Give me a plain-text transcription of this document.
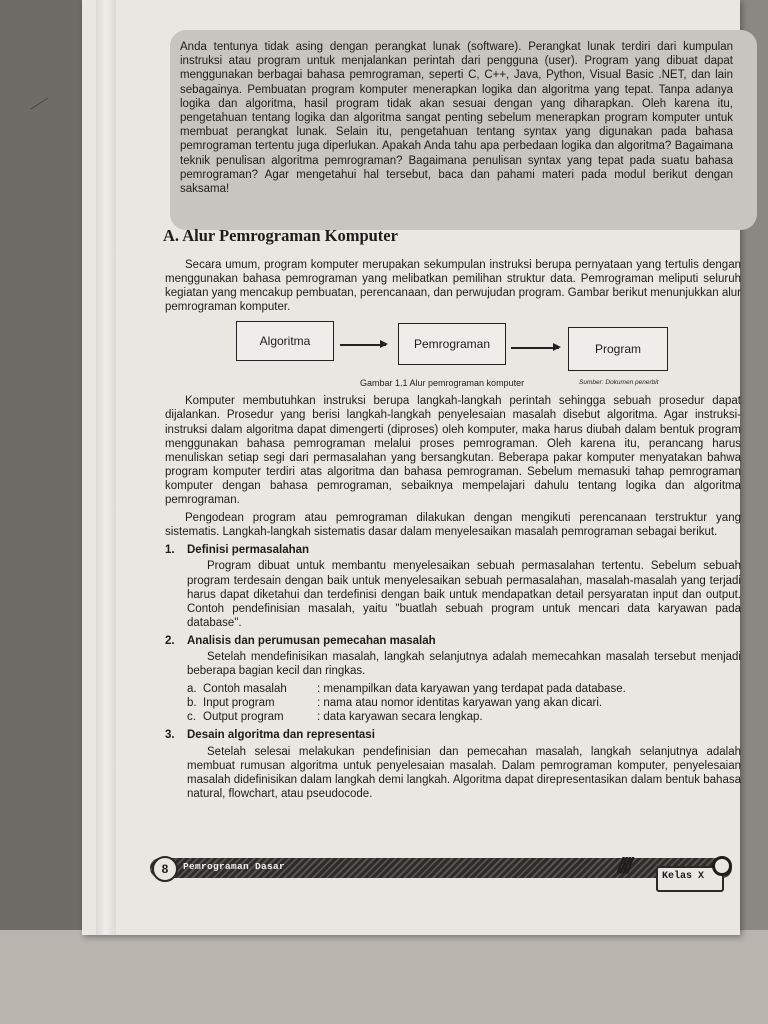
Anda tentunya tidak asing dengan perangkat lunak (software). Perangkat lunak terdiri dari kumpulan instruksi atau program untuk menjalankan perintah dari pengguna (user). Program yang dibuat dapat menggunakan berbagai bahasa pemrograman, seperti C, C++, Java, Python, Visual Basic .NET, dan lain sebagainya. Pembuatan program komputer menerapkan logika dan algoritma yang tepat. Tanpa adanya logika dan algoritma, hasil program tidak akan sesuai dengan yang diharapkan. Oleh karena itu, pengetahuan tentang logika dan algoritma sangat penting sebelum menerapkan program komputer untuk membuat perangkat lunak. Selain itu, pengetahuan tentang syntax yang digunakan pada bahasa pemrograman tertentu juga diperlukan. Apakah Anda tahu apa perbedaan logika dan algoritma? Bagaimana teknik penulisan algoritma pemrograman? Bagaimana penulisan syntax yang tepat pada suatu bahasa pemrograman? Agar mengetahui hal tersebut, baca dan pahami materi pada modul berikut dengan saksama!

A. Alur Pemrograman Komputer

Secara umum, program komputer merupakan sekumpulan instruksi berupa pernyataan yang tertulis dengan menggunakan bahasa pemrograman yang melibatkan pemilihan struktur data. Pemrograman meliputi seluruh kegiatan yang mencakup pembuatan, perencanaan, dan perwujudan program. Gambar berikut menunjukkan alur pemrograman komputer.

Algoritma	Pemrograman	Program
Gambar 1.1 Alur pemrograman komputer	Sumber: Dokumen penerbit

Komputer membutuhkan instruksi berupa langkah-langkah perintah sehingga sebuah prosedur dapat dijalankan. Prosedur yang berisi langkah-langkah penyelesaian masalah disebut algoritma. Agar instruksi-instruksi dalam algoritma dapat dimengerti (diproses) oleh komputer, maka harus diubah dalam bentuk program menggunakan bahasa pemrograman melalui proses pemrograman. Oleh karena itu, perancang harus menuliskan setiap segi dari permasalahan yang bersangkutan. Beberapa pakar komputer menyatakan bahwa program komputer terdiri atas algoritma dan bahasa pemrograman. Sebelum memasuki tahap pemrograman komputer dengan bahasa pemrograman, sebaiknya mempelajari dahulu tentang logika dan algoritma pemrograman.

Pengodean program atau pemrograman dilakukan dengan mengikuti perencanaan terstruktur yang sistematis. Langkah-langkah sistematis dasar dalam menyelesaikan masalah pemrograman sebagai berikut.

1.	Definisi permasalahan

Program dibuat untuk membantu menyelesaikan sebuah permasalahan tertentu. Sebelum sebuah program terdesain dengan baik untuk menyelesaikan sebuah permasalahan, masalah-masalah yang terjadi harus dapat diketahui dan terdefinisi dengan baik untuk mendapatkan detail persyaratan input dan output. Contoh pendefinisian masalah, yaitu "buatlah sebuah program untuk mencari data karyawan pada database".

2.	Analisis dan perumusan pemecahan masalah

Setelah mendefinisikan masalah, langkah selanjutnya adalah memecahkan masalah tersebut menjadi beberapa bagian kecil dan ringkas.

a. Contoh masalah	: menampilkan data karyawan yang terdapat pada database.
b. Input program	: nama atau nomor identitas karyawan yang akan dicari.
c. Output program	: data karyawan secara lengkap.
3.	Desain algoritma dan representasi

Setelah selesai melakukan pendefinisian dan pemecahan masalah, langkah selanjutnya adalah membuat rumusan algoritma untuk penyelesaian masalah. Dalam pemrograman komputer, penyelesaian masalah didefinisikan dalam langkah demi langkah. Algoritma dapat direpresentasikan dalam bentuk bahasa natural, flowchart, atau pseudocode.

8	Pemrograman Dasar	////	Kelas X
